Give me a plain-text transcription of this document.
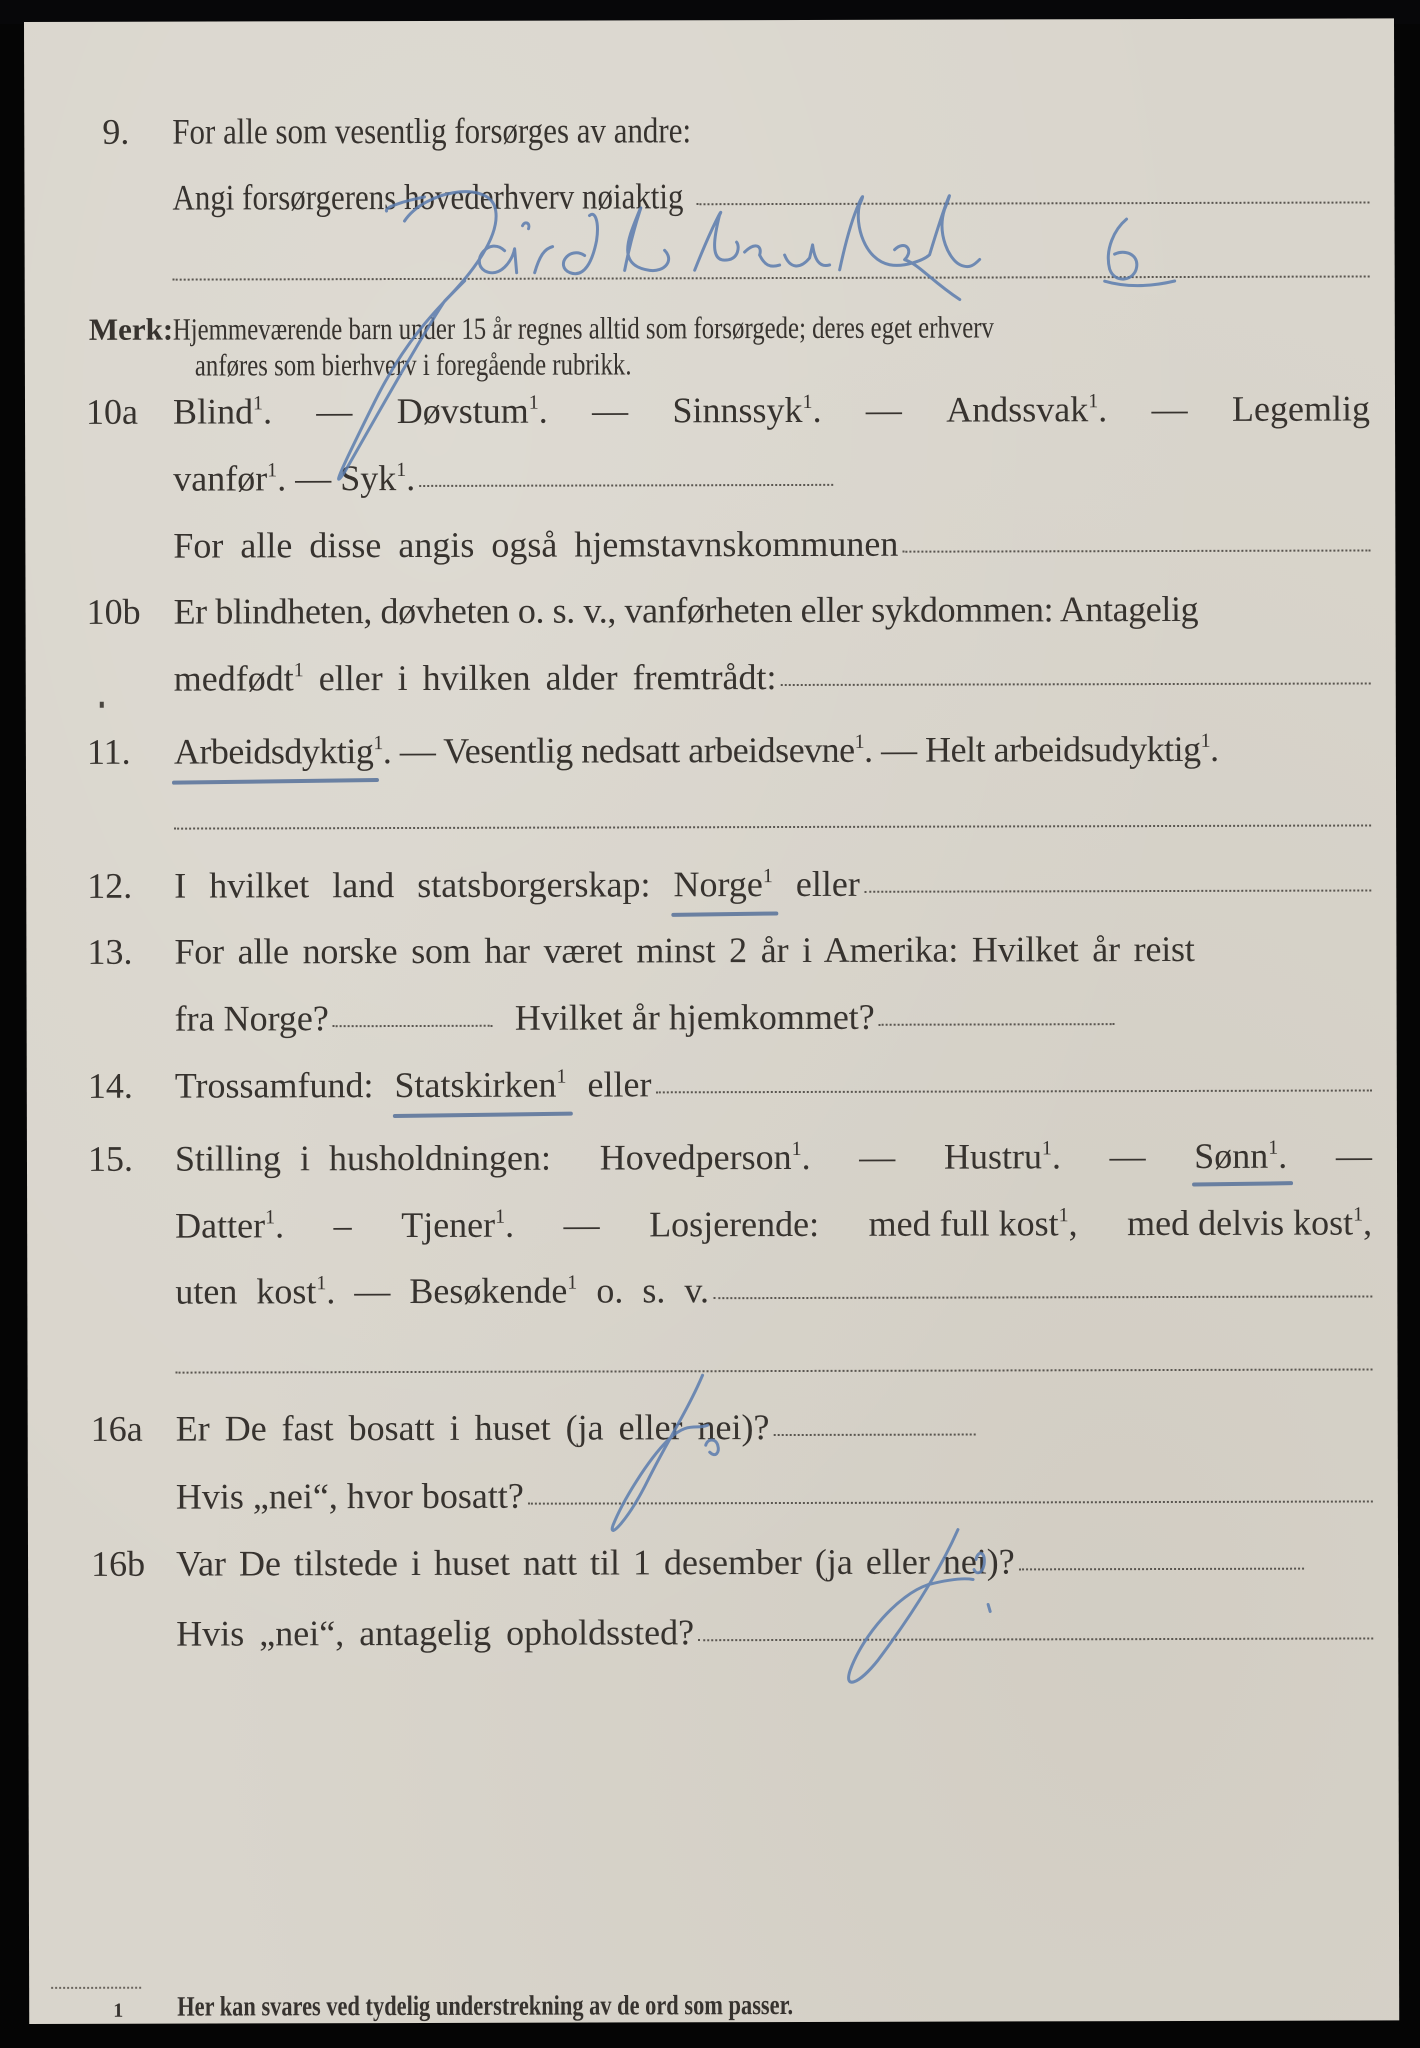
9. For alle som vesentlig forsørges av andre:
Angi forsørgerens hovederhverv nøiaktig
Merk: Hjemmeværende barn under 15 år regnes alltid som forsørgede; deres eget erhverv
anføres som bierhverv i foregående rubrikk.
10a Blind$^1$. — Døvstum$^1$. — Sinnssyk$^1$. — Andssvak$^1$. — Legemlig
vanfør$^1$. — Syk$^1$.
For alle disse angis også hjemstavnskommunen
10b Er blindheten, døvheten o. s. v., vanførheten eller sykdommen: Antagelig
medfødt$^1$ eller i hvilken alder fremtrådt:
11. Arbeidsdyktig$^1$. — Vesentlig nedsatt arbeidsevne$^1$. — Helt arbeidsudyktig$^1$.
12. I hvilket land statsborgerskap: Norge$^1$ eller
13. For alle norske som har været minst 2 år i Amerika: Hvilket år reist
fra Norge?	Hvilket år hjemkommet?
14. Trossamfund: Statskirken$^1$ eller
15. Stilling i husholdningen: Hovedperson$^1$. — Hustru$^1$. — Sønn$^1$. —
Datter$^1$. – Tjener$^1$. — Losjerende: med full kost$^1$, med delvis kost$^1$,
uten kost$^1$. — Besøkende$^1$ o. s. v.
16a Er De fast bosatt i huset (ja eller nei)?
Hvis „nei“, hvor bosatt?
16b Var De tilstede i huset natt til 1 desember (ja eller nei)?
Hvis „nei“, antagelig opholdssted?
1 Her kan svares ved tydelig understrekning av de ord som passer.
